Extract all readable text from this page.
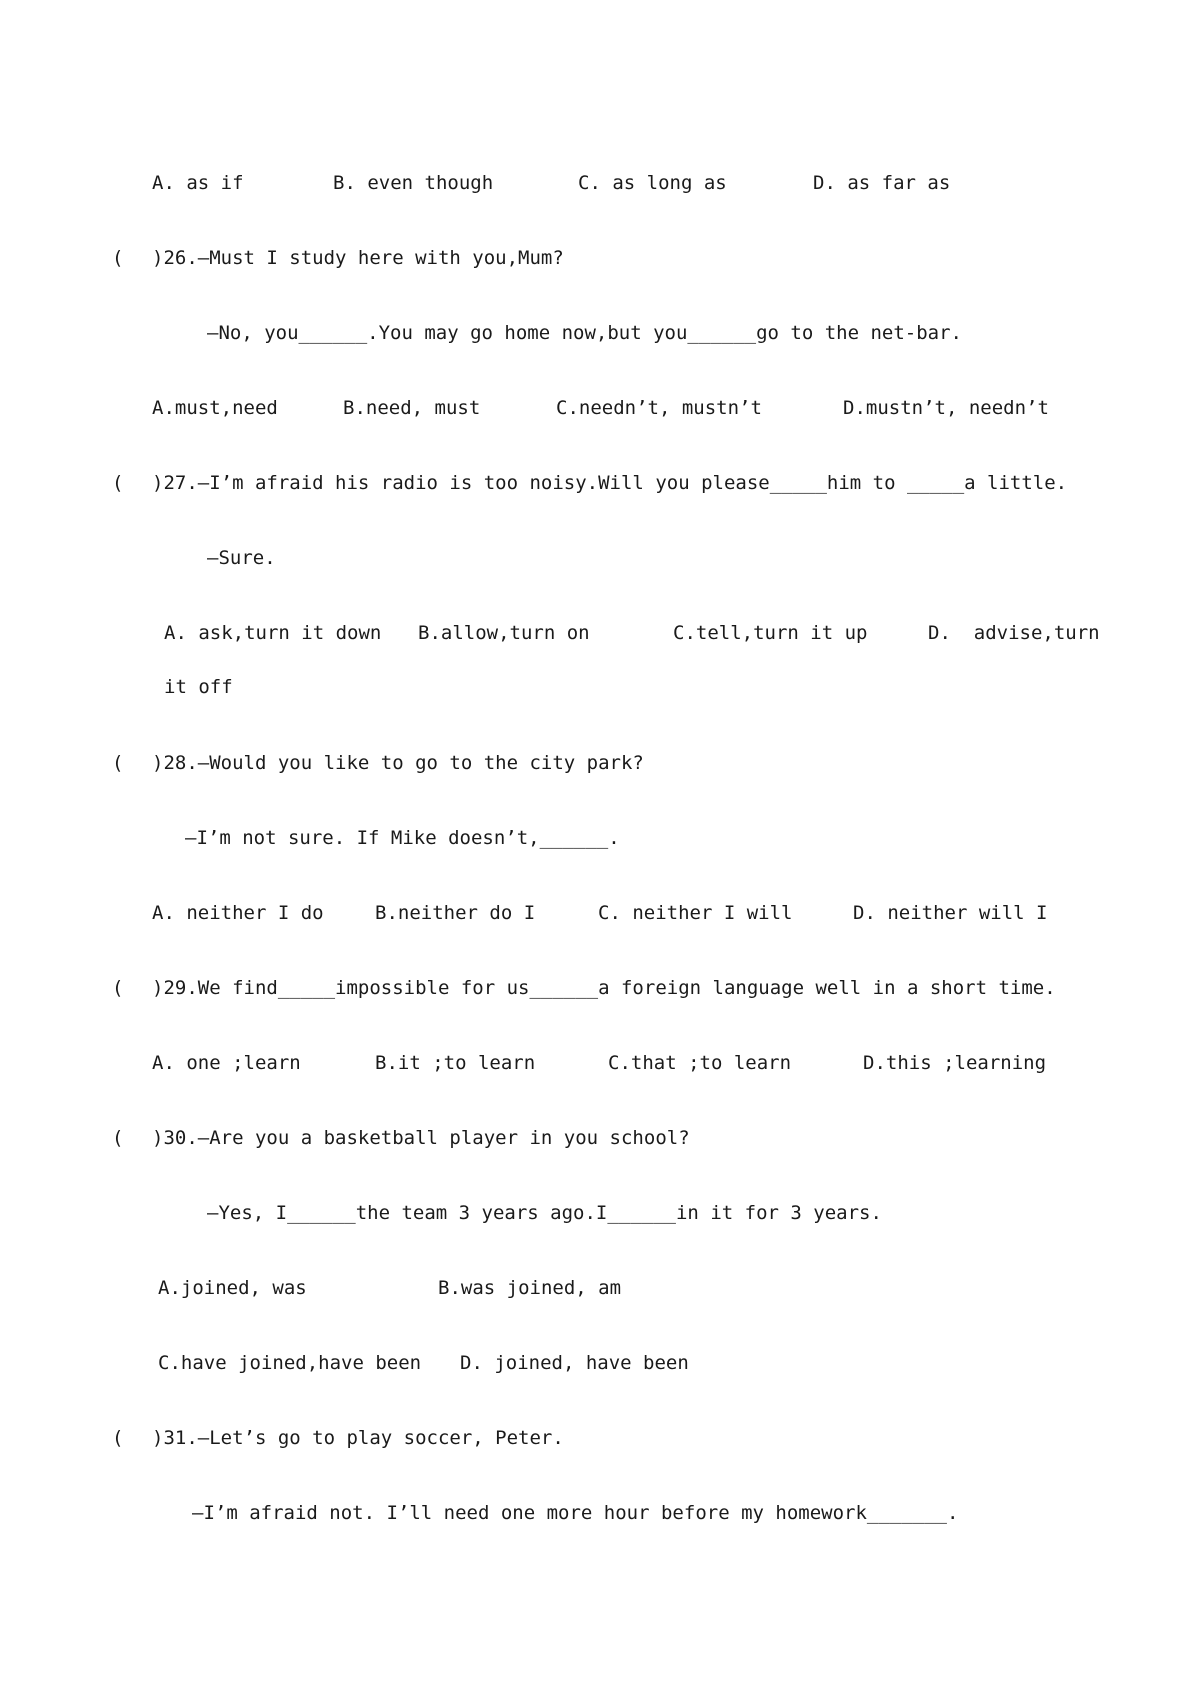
A. as if	B. even though	C. as long as	D. as far as
( )26.—Must I study here with you,Mum?
—No, you______.You may go home now,but you______go to the net-bar.
A.must,need	B.need, must	C.needn’t, mustn’t	D.mustn’t, needn’t
( )27.—I’m afraid his radio is too noisy.Will you please_____him to _____a little.
—Sure.
A. ask,turn it down B.allow,turn on	C.tell,turn it up	D.  advise,turn
it off
( )28.—Would you like to go to the city park?
—I’m not sure. If Mike doesn’t,______.
A. neither I do	B.neither do I	C. neither I will	D. neither will I
( )29.We find_____impossible for us______a foreign language well in a short time.
A. one ;learn	B.it ;to learn	C.that ;to learn	D.this ;learning
( )30.—Are you a basketball player in you school?
—Yes, I______the team 3 years ago.I______in it for 3 years.
A.joined, was	B.was joined, am
C.have joined,have been D. joined, have been
( )31.—Let’s go to play soccer, Peter.
—I’m afraid not. I’ll need one more hour before my homework_______.
